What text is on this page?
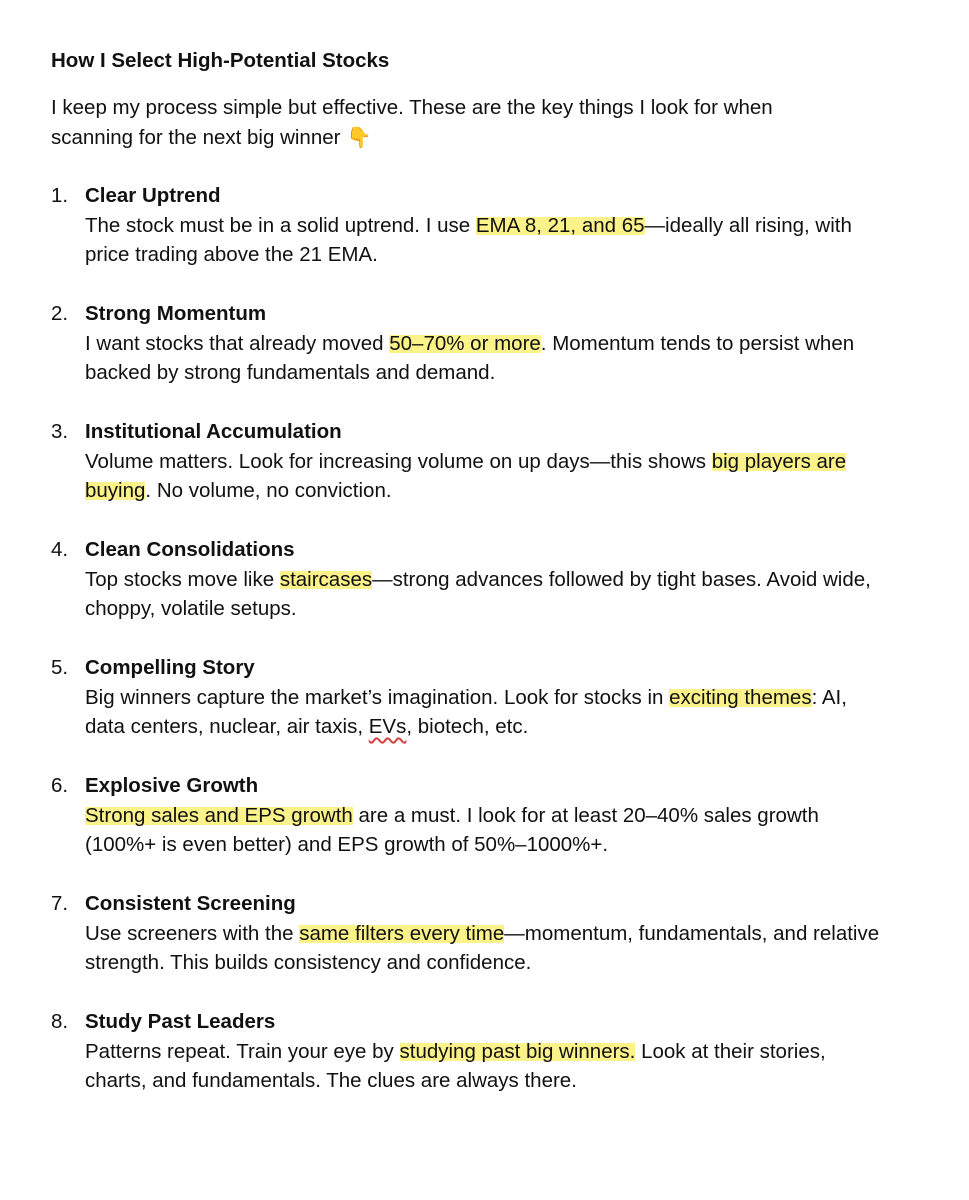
How I Select High-Potential Stocks

I keep my process simple but effective. These are the key things I look for when scanning for the next big winner 👇

1. Clear Uptrend
The stock must be in a solid uptrend. I use EMA 8, 21, and 65—ideally all rising, with price trading above the 21 EMA.
2. Strong Momentum
I want stocks that already moved 50–70% or more. Momentum tends to persist when backed by strong fundamentals and demand.
3. Institutional Accumulation
Volume matters. Look for increasing volume on up days—this shows big players are buying. No volume, no conviction.
4. Clean Consolidations
Top stocks move like staircases—strong advances followed by tight bases. Avoid wide, choppy, volatile setups.
5. Compelling Story
Big winners capture the market’s imagination. Look for stocks in exciting themes: AI, data centers, nuclear, air taxis, EVs, biotech, etc.
6. Explosive Growth
Strong sales and EPS growth are a must. I look for at least 20–40% sales growth (100%+ is even better) and EPS growth of 50%–1000%+.
7. Consistent Screening
Use screeners with the same filters every time—momentum, fundamentals, and relative strength. This builds consistency and confidence.
8. Study Past Leaders
Patterns repeat. Train your eye by studying past big winners. Look at their stories, charts, and fundamentals. The clues are always there.
